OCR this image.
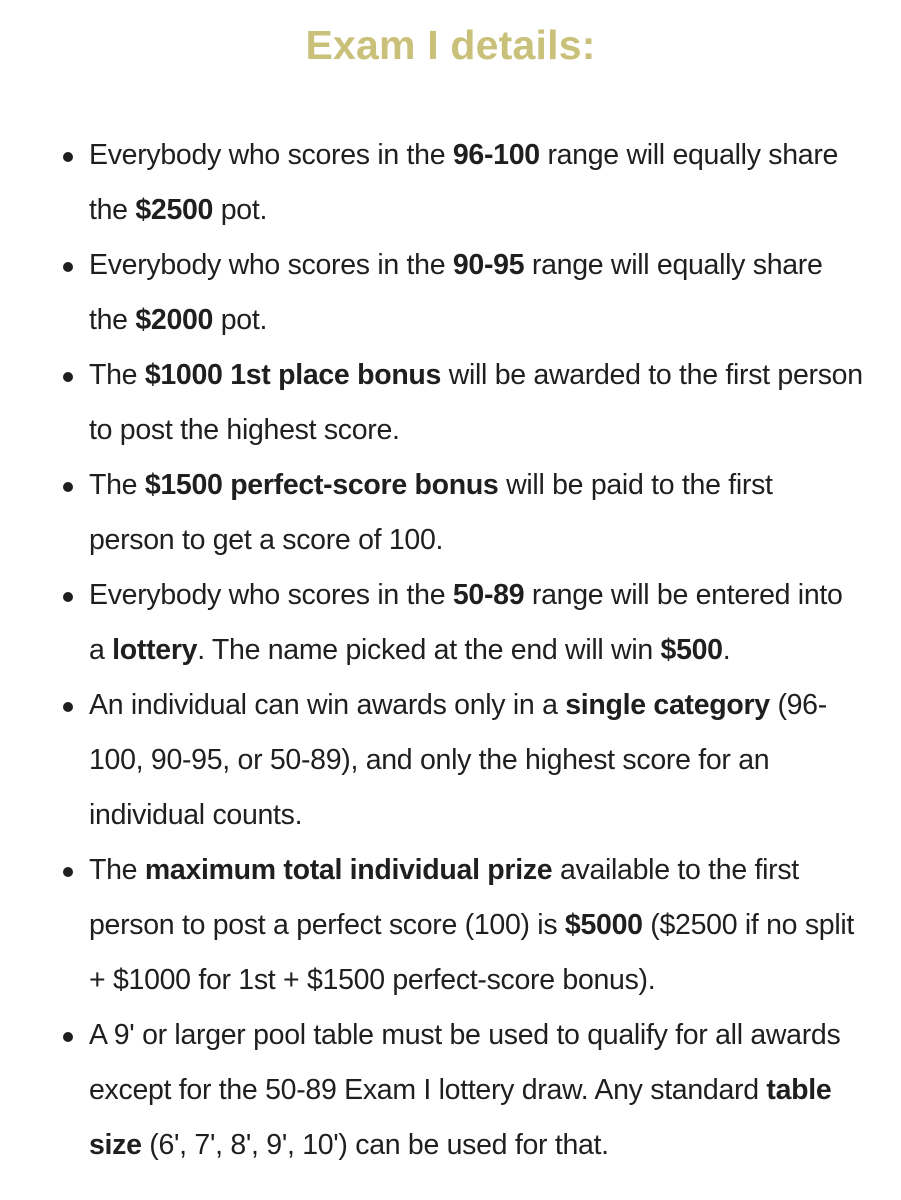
Exam I details:
Everybody who scores in the 96-100 range will equally share the $2500 pot.
Everybody who scores in the 90-95 range will equally share the $2000 pot.
The $1000 1st place bonus will be awarded to the first person to post the highest score.
The $1500 perfect-score bonus will be paid to the first person to get a score of 100.
Everybody who scores in the 50-89 range will be entered into a lottery. The name picked at the end will win $500.
An individual can win awards only in a single category (96-100, 90-95, or 50-89), and only the highest score for an individual counts.
The maximum total individual prize available to the first person to post a perfect score (100) is $5000 ($2500 if no split + $1000 for 1st + $1500 perfect-score bonus).
A 9' or larger pool table must be used to qualify for all awards except for the 50-89 Exam I lottery draw. Any standard table size (6', 7', 8', 9', 10') can be used for that.
